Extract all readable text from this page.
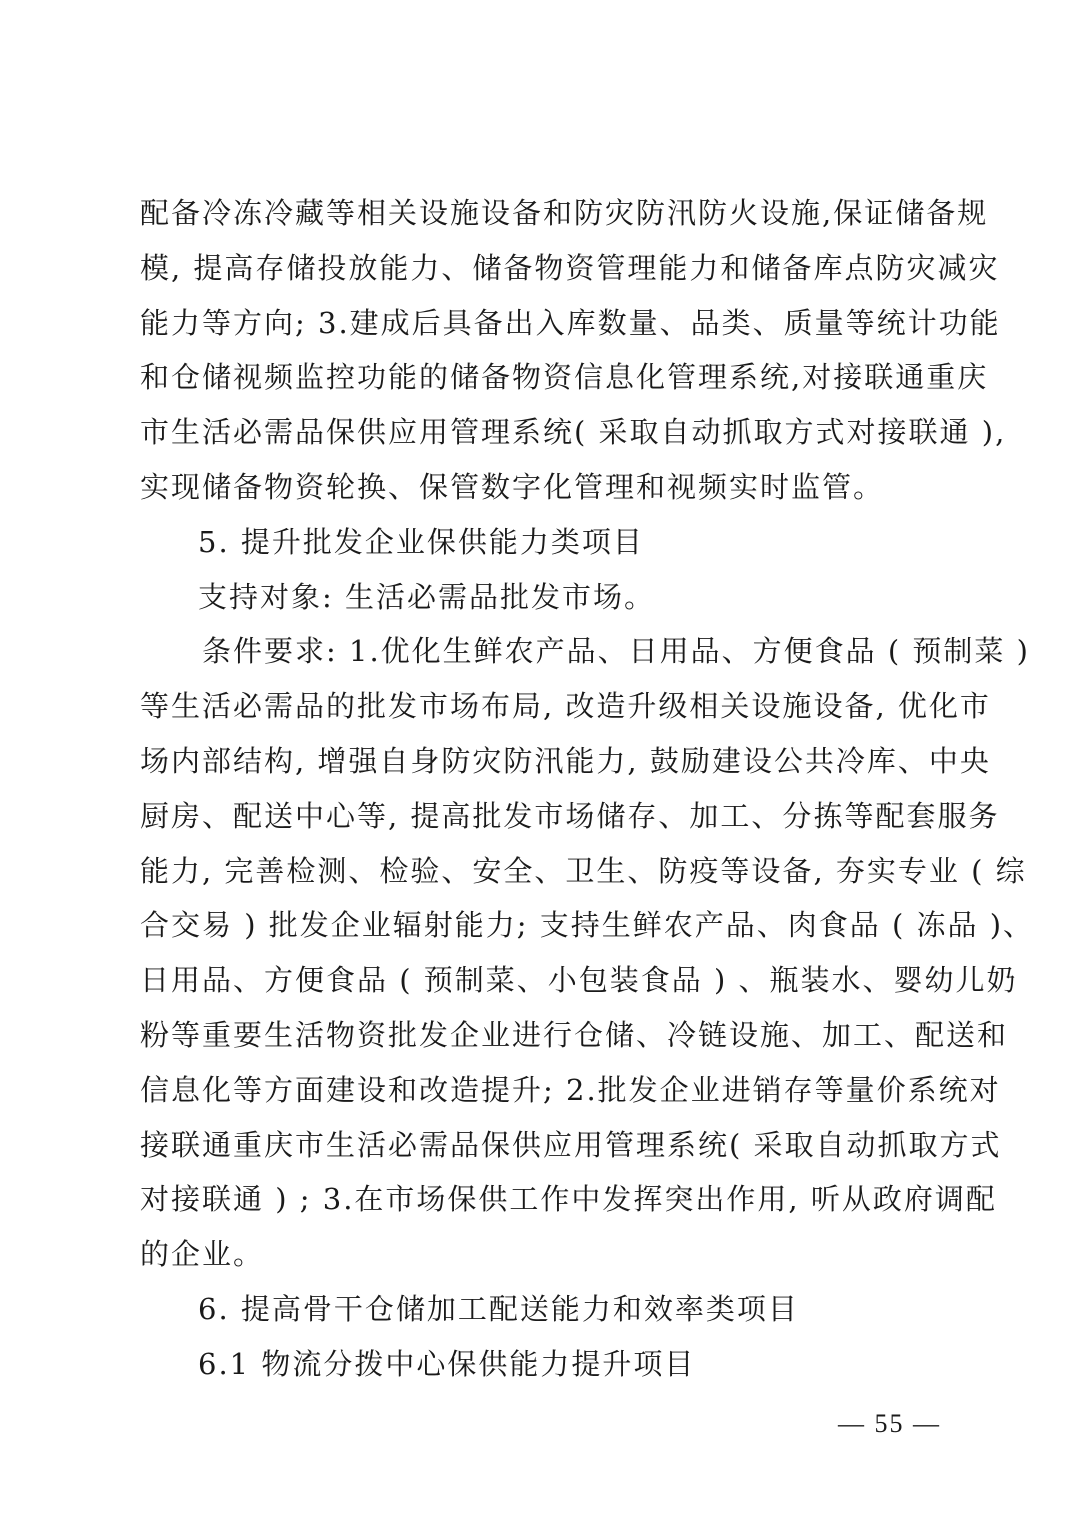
配备冷冻冷藏等相关设施设备和防灾防汛防火设施,保证储备规
模, 提高存储投放能力、储备物资管理能力和储备库点防灾减灾
能力等方向; 3.建成后具备出入库数量、品类、质量等统计功能
和仓储视频监控功能的储备物资信息化管理系统,对接联通重庆
市生活必需品保供应用管理系统( 采取自动抓取方式对接联通 ),
实现储备物资轮换、保管数字化管理和视频实时监管。

5. 提升批发企业保供能力类项目

支持对象: 生活必需品批发市场。

　　条件要求: 1.优化生鲜农产品、日用品、方便食品 ( 预制菜 )
等生活必需品的批发市场布局, 改造升级相关设施设备, 优化市
场内部结构, 增强自身防灾防汛能力, 鼓励建设公共冷库、中央
厨房、配送中心等, 提高批发市场储存、加工、分拣等配套服务
能力, 完善检测、检验、安全、卫生、防疫等设备, 夯实专业 ( 综
合交易 ) 批发企业辐射能力; 支持生鲜农产品、肉食品 ( 冻品 )、
日用品、方便食品 ( 预制菜、小包装食品 ) 、瓶装水、婴幼儿奶
粉等重要生活物资批发企业进行仓储、冷链设施、加工、配送和
信息化等方面建设和改造提升; 2.批发企业进销存等量价系统对
接联通重庆市生活必需品保供应用管理系统( 采取自动抓取方式
对接联通 ) ; 3.在市场保供工作中发挥突出作用, 听从政府调配
的企业。

6. 提高骨干仓储加工配送能力和效率类项目

6.1 物流分拨中心保供能力提升项目

— 55 —
